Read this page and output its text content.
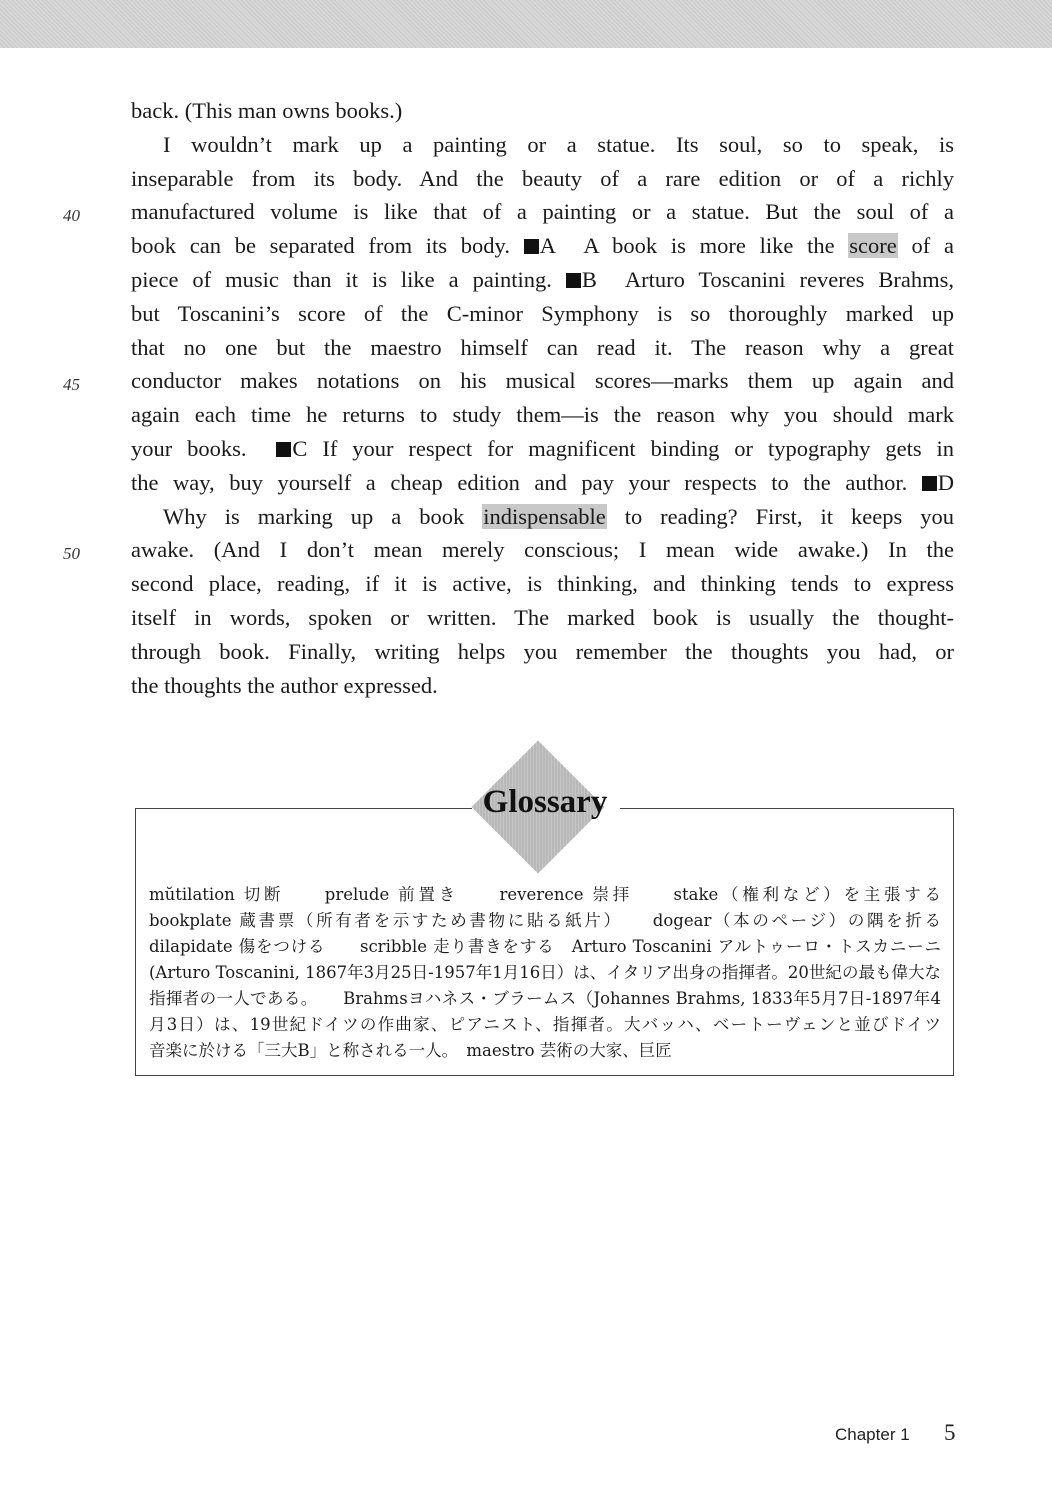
back. (This man owns books.)
I wouldn’t mark up a painting or a statue. Its soul, so to speak, is
inseparable from its body. And the beauty of a rare edition or of a richly
40	manufactured volume is like that of a painting or a statue. But the soul of a
book can be separated from its body. A A book is more like the score of a
piece of music than it is like a painting. B Arturo Toscanini reveres Brahms,
but Toscanini’s score of the C-minor Symphony is so thoroughly marked up
that no one but the maestro himself can read it. The reason why a great
45	conductor makes notations on his musical scores—marks them up again and
again each time he returns to study them—is the reason why you should mark
your books. C If your respect for magnificent binding or typography gets in
the way, buy yourself a cheap edition and pay your respects to the author. D
Why is marking up a book indispensable to reading? First, it keeps you
50	awake. (And I don’t mean merely conscious; I mean wide awake.) In the
second place, reading, if it is active, is thinking, and thinking tends to express
itself in words, spoken or written. The marked book is usually the thought-
through book. Finally, writing helps you remember the thoughts you had, or
the thoughts the author expressed.
Glossary
mŭtilation 切断　　prelude 前置き　　reverence 崇拝　　stake（権利など）を主張する
bookplate 蔵書票（所有者を示すため書物に貼る紙片）　　dogear（本のページ）の隅を折る
dilapidate 傷をつける　　scribble 走り書きをする　Arturo Toscanini アルトゥーロ・トスカニーニ
(Arturo Toscanini, 1867年3月25日-1957年1月16日）は、イタリア出身の指揮者。20世紀の最も偉大な
指揮者の一人である。　　Brahmsヨハネス・ブラームス（Johannes Brahms, 1833年5月7日-1897年4
月3日）は、19世紀ドイツの作曲家、ピアニスト、指揮者。大バッハ、ベートーヴェンと並びドイツ
音楽に於ける「三大B」と称される一人。　maestro 芸術の大家、巨匠
Chapter 1 5
